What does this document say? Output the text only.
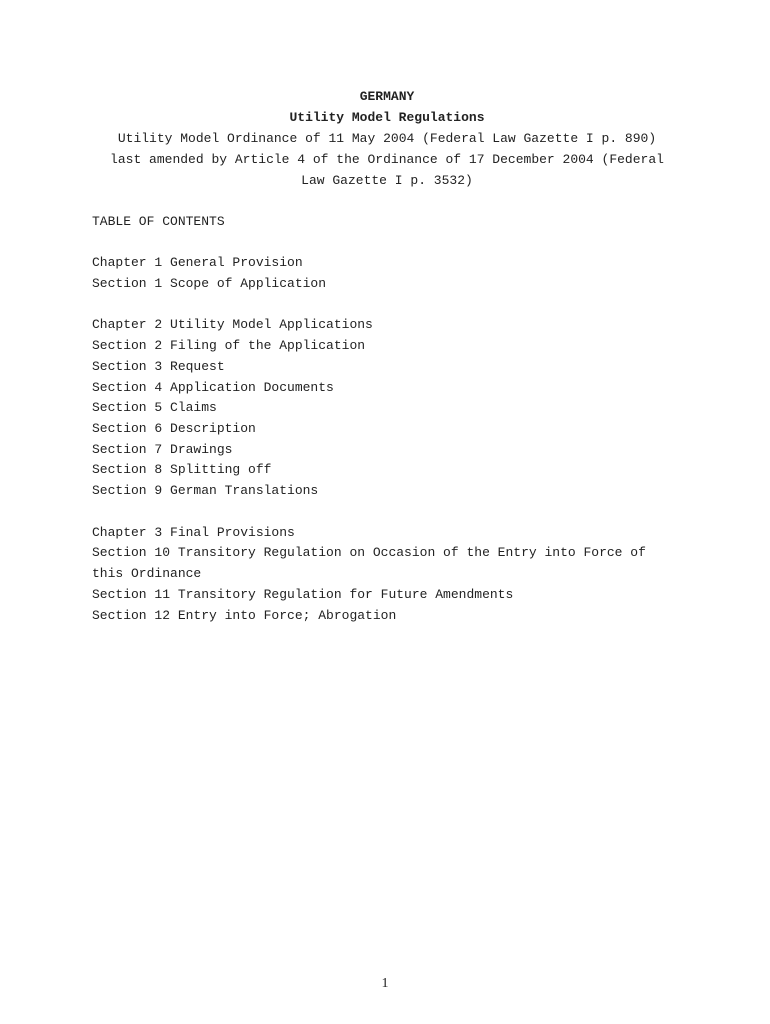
GERMANY

Utility Model Regulations

Utility Model Ordinance of 11 May 2004 (Federal Law Gazette I p. 890)
last amended by Article 4 of the Ordinance of 17 December 2004 (Federal
Law Gazette I p. 3532)

TABLE OF CONTENTS

Chapter 1 General Provision

Section 1 Scope of Application

Chapter 2 Utility Model Applications

Section 2 Filing of the Application

Section 3 Request

Section 4 Application Documents

Section 5 Claims

Section 6 Description

Section 7 Drawings

Section 8 Splitting off

Section 9 German Translations

Chapter 3 Final Provisions

Section 10 Transitory Regulation on Occasion of the Entry into Force of this Ordinance

Section 11 Transitory Regulation for Future Amendments

Section 12 Entry into Force; Abrogation

1
